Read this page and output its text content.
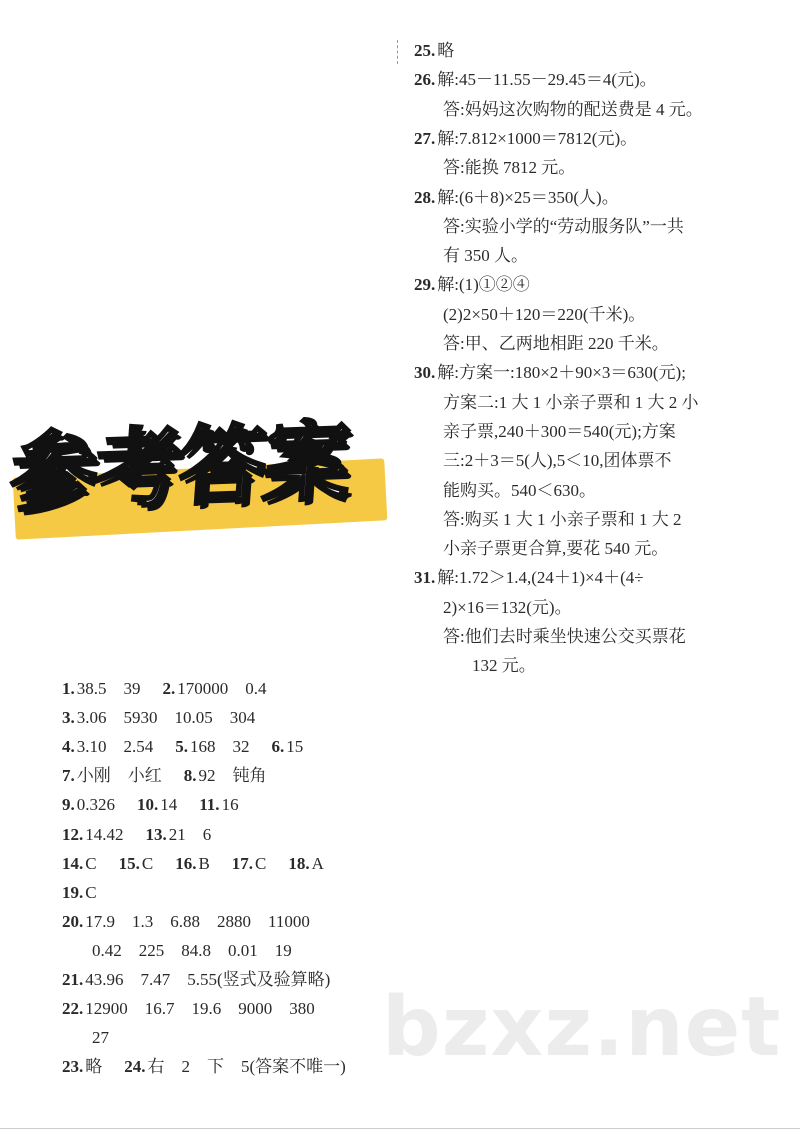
参考答案
25. 略
26. 解:45－11.55－29.45＝4(元)。
答:妈妈这次购物的配送费是 4 元。
27. 解:7.812×1000＝7812(元)。
答:能换 7812 元。
28. 解:(6＋8)×25＝350(人)。
答:实验小学的“劳动服务队”一共
有 350 人。
29. 解:(1)①②④
(2)2×50＋120＝220(千米)。
答:甲、乙两地相距 220 千米。
30. 解:方案一:180×2＋90×3＝630(元);
方案二:1 大 1 小亲子票和 1 大 2 小
亲子票,240＋300＝540(元);方案
三:2＋3＝5(人),5＜10,团体票不
能购买。540＜630。
答:购买 1 大 1 小亲子票和 1 大 2
小亲子票更合算,要花 540 元。
31. 解:1.72＞1.4,(24＋1)×4＋(4÷
2)×16＝132(元)。
答:他们去时乘坐快速公交买票花
132 元。
1. 38.5　39 2. 170000　0.4
3. 3.06　5930　10.05　304
4. 3.10　2.54 5. 168　32 6. 15
7. 小刚　小红 8. 92　钝角
9. 0.326 10. 14 11. 16
12. 14.42 13. 21　6
14. C 15. C 16. B 17. C 18. A
19. C
20. 17.9　1.3　6.88　2880　11000
0.42　225　84.8　0.01　19
21. 43.96　7.47　5.55(竖式及验算略)
22. 12900　16.7　19.6　9000　380
27
23. 略 24. 右　2　下　5(答案不唯一) bzxz.net
